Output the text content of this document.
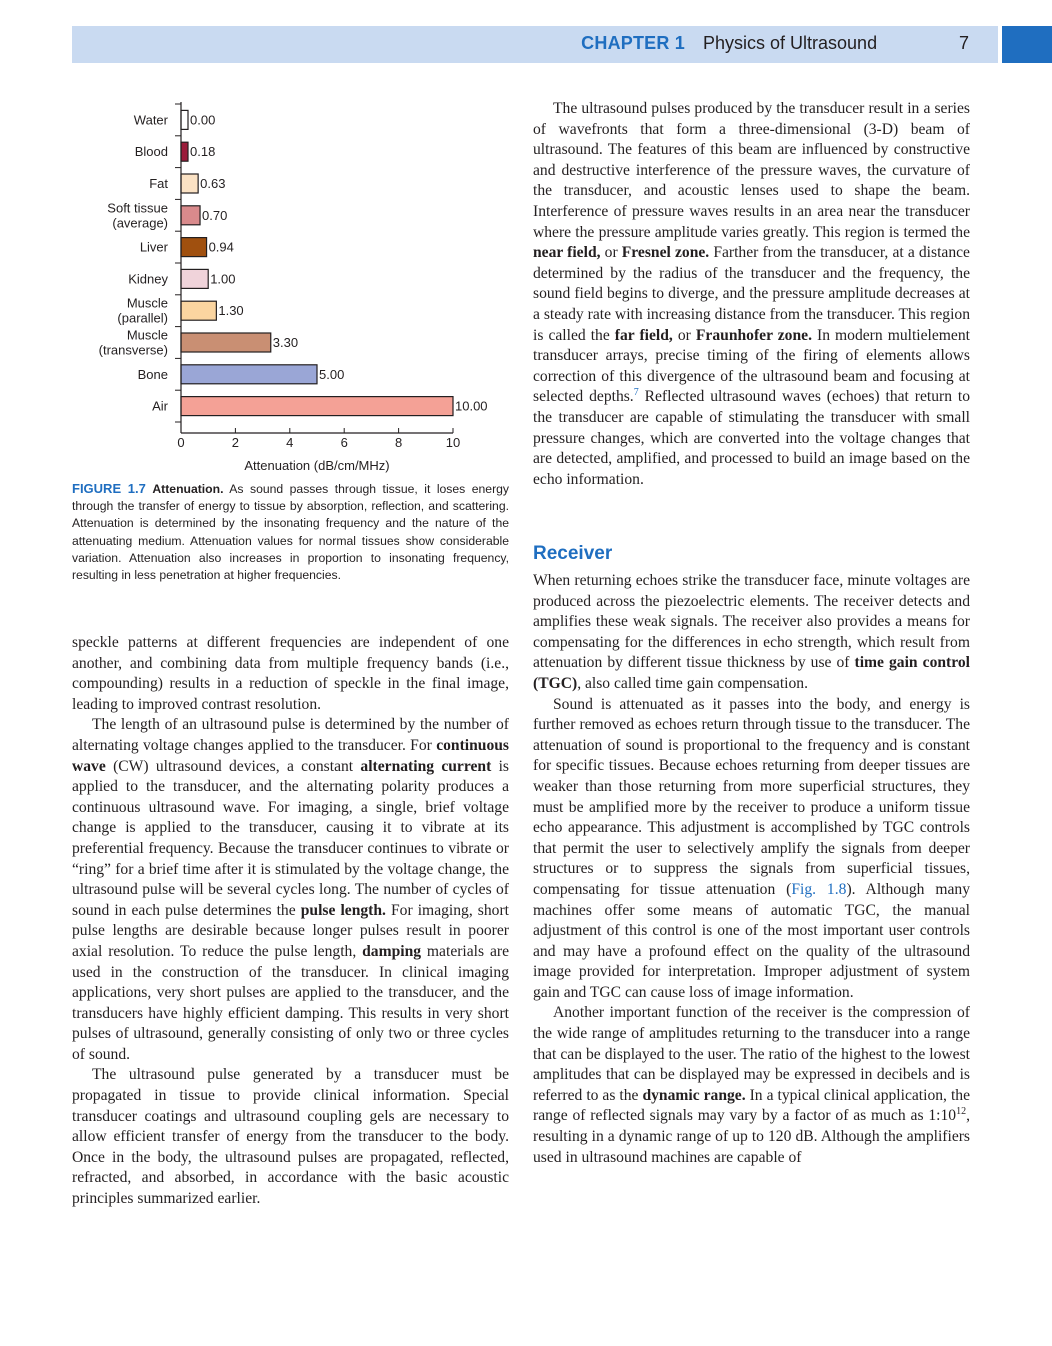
CHAPTER 1 Physics of Ultrasound	7
Water 0.00
Blood 0.18
Fat 0.63
Soft tissue (average)	0.70
Liver	0.94
Kidney	1.00
Muscle (parallel)	1.30
Muscle (transverse)	3.30
Bone	5.00
Air	10.00
0	2	4	6	8	10
Attenuation (dB/cm/MHz)
FIGURE 1.7 Attenuation. As sound passes through tissue, it loses energy through the transfer of energy to tissue by absorption, reflection, and scattering. Attenuation is determined by the insonating frequency and the nature of the attenuating medium. Attenuation values for normal tissues show considerable variation. Attenuation also increases in proportion to insonating frequency, resulting in less penetration at higher frequencies.

speckle patterns at different frequencies are independent of one another, and combining data from multiple frequency bands (i.e., compounding) results in a reduction of speckle in the final image, leading to improved contrast resolution.

The length of an ultrasound pulse is determined by the number of alternating voltage changes applied to the transducer. For continuous wave (CW) ultrasound devices, a constant alternating current is applied to the transducer, and the alternating polarity produces a continuous ultrasound wave. For imaging, a single, brief voltage change is applied to the transducer, causing it to vibrate at its preferential frequency. Because the transducer continues to vibrate or “ring” for a brief time after it is stimulated by the voltage change, the ultrasound pulse will be several cycles long. The number of cycles of sound in each pulse determines the pulse length. For imaging, short pulse lengths are desirable because longer pulses result in poorer axial resolution. To reduce the pulse length, damping materials are used in the construction of the transducer. In clinical imaging applications, very short pulses are applied to the transducer, and the transducers have highly efficient damping. This results in very short pulses of ultrasound, generally consisting of only two or three cycles of sound.

The ultrasound pulse generated by a transducer must be propagated in tissue to provide clinical information. Special transducer coatings and ultrasound coupling gels are necessary to allow efficient transfer of energy from the transducer to the body. Once in the body, the ultrasound pulses are propagated, reflected, refracted, and absorbed, in accordance with the basic acoustic principles summarized earlier.

The ultrasound pulses produced by the transducer result in a series of wavefronts that form a three-dimensional (3-D) beam of ultrasound. The features of this beam are influenced by constructive and destructive interference of the pressure waves, the curvature of the transducer, and acoustic lenses used to shape the beam. Interference of pressure waves results in an area near the transducer where the pressure amplitude varies greatly. This region is termed the near field, or Fresnel zone. Farther from the transducer, at a distance determined by the radius of the transducer and the frequency, the sound field begins to diverge, and the pressure amplitude decreases at a steady rate with increasing distance from the transducer. This region is called the far field, or Fraunhofer zone. In modern multielement transducer arrays, precise timing of the firing of elements allows correction of this divergence of the ultrasound beam and focusing at selected depths.$^7$ Reflected ultrasound waves (echoes) that return to the transducer are capable of stimulating the transducer with small pressure changes, which are converted into the voltage changes that are detected, amplified, and processed to build an image based on the echo information.

Receiver

When returning echoes strike the transducer face, minute voltages are produced across the piezoelectric elements. The receiver detects and amplifies these weak signals. The receiver also provides a means for compensating for the differences in echo strength, which result from attenuation by different tissue thickness by use of time gain control (TGC), also called time gain compensation.

Sound is attenuated as it passes into the body, and energy is further removed as echoes return through tissue to the transducer. The attenuation of sound is proportional to the frequency and is constant for specific tissues. Because echoes returning from deeper tissues are weaker than those returning from more superficial structures, they must be amplified more by the receiver to produce a uniform tissue echo appearance. This adjustment is accomplished by TGC controls that permit the user to selectively amplify the signals from deeper structures or to suppress the signals from superficial tissues, compensating for tissue attenuation (Fig. 1.8). Although many machines offer some means of automatic TGC, the manual adjustment of this control is one of the most important user controls and may have a profound effect on the quality of the ultrasound image provided for interpretation. Improper adjustment of system gain and TGC can cause loss of image information.

Another important function of the receiver is the compression of the wide range of amplitudes returning to the transducer into a range that can be displayed to the user. The ratio of the highest to the lowest amplitudes that can be displayed may be expressed in decibels and is referred to as the dynamic range. In a typical clinical application, the range of reflected signals may vary by a factor of as much as $1:10^{12}$, resulting in a dynamic range of up to 120 dB. Although the amplifiers used in ultrasound machines are capable of
